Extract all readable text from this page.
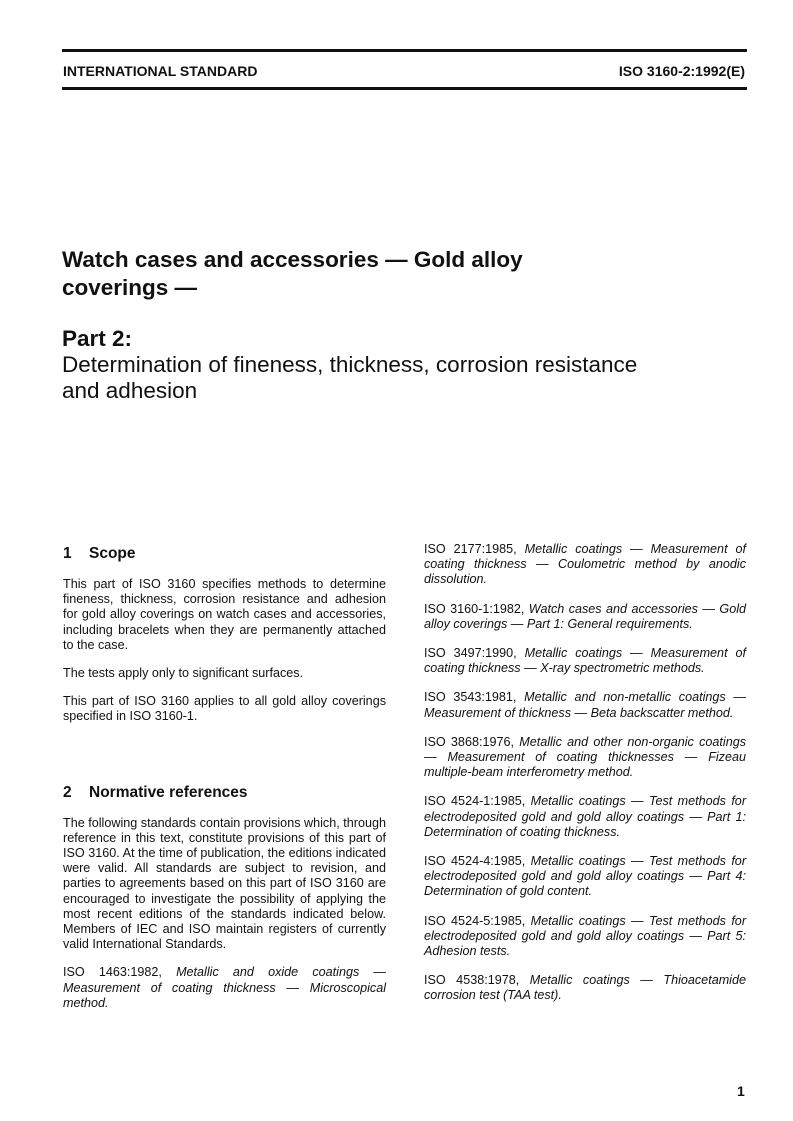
INTERNATIONAL STANDARD	ISO 3160-2:1992(E)
Watch cases and accessories — Gold alloy
coverings —
Part 2:
Determination of fineness, thickness, corrosion resistance
and adhesion
1 Scope

This part of ISO 3160 specifies methods to determine fineness, thickness, corrosion resistance and adhesion for gold alloy coverings on watch cases and accessories, including bracelets when they are permanently attached to the case.

The tests apply only to significant surfaces.

This part of ISO 3160 applies to all gold alloy coverings specified in ISO 3160-1.

2 Normative references

The following standards contain provisions which, through reference in this text, constitute provisions of this part of ISO 3160. At the time of publication, the editions indicated were valid. All standards are subject to revision, and parties to agreements based on this part of ISO 3160 are encouraged to investigate the possibility of applying the most recent editions of the standards indicated below. Members of IEC and ISO maintain registers of currently valid International Standards.

ISO 1463:1982, Metallic and oxide coatings — Measurement of coating thickness — Microscopical method.

ISO 2177:1985, Metallic coatings — Measurement of coating thickness — Coulometric method by anodic dissolution.

ISO 3160-1:1982, Watch cases and accessories — Gold alloy coverings — Part 1: General requirements.

ISO 3497:1990, Metallic coatings — Measurement of coating thickness — X-ray spectrometric methods.

ISO 3543:1981, Metallic and non-metallic coatings — Measurement of thickness — Beta backscatter method.

ISO 3868:1976, Metallic and other non-organic coatings — Measurement of coating thicknesses — Fizeau multiple-beam interferometry method.

ISO 4524-1:1985, Metallic coatings — Test methods for electrodeposited gold and gold alloy coatings — Part 1: Determination of coating thickness.

ISO 4524-4:1985, Metallic coatings — Test methods for electrodeposited gold and gold alloy coatings — Part 4: Determination of gold content.

ISO 4524-5:1985, Metallic coatings — Test methods for electrodeposited gold and gold alloy coatings — Part 5: Adhesion tests.

ISO 4538:1978, Metallic coatings — Thioacetamide corrosion test (TAA test).

1
